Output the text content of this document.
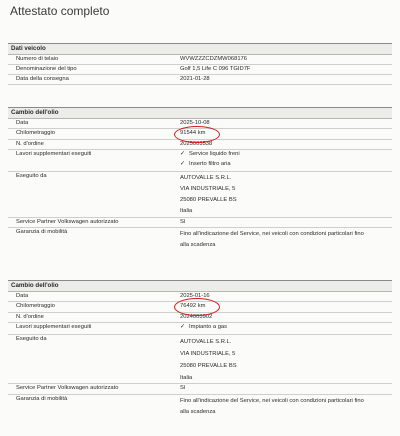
Attestato completo
Dati veicolo
Numero di telaio	WVWZZZCDZMW068176
Denominazione del tipo	Golf 1,5 Life C 096 TGID7F
Data della consegna	2021-01-28
Cambio dell'olio
Data	2025-10-08
Chilometraggio	91544 km
N. d'ordine	2025003538
Lavori supplementari eseguiti	✓ Service liquido freni
✓ Inserto filtro aria
Eseguito da	AUTOVALLE S.R.L.
VIA INDUSTRIALE, 5
25080 PREVALLE BS
Italia
Service Partner Volkswagen autorizzato	Sì
Garanzia di mobilità	Fino all'indicazione del Service, nei veicoli con condizioni particolari fino
alla scadenza
Cambio dell'olio
Data	2025-01-16
Chilometraggio	76492 km
N. d'ordine	2024003902
Lavori supplementari eseguiti	✓ Impianto a gas
Eseguito da	AUTOVALLE S.R.L.
VIA INDUSTRIALE, 5
25080 PREVALLE BS
Italia
Service Partner Volkswagen autorizzato	Sì
Garanzia di mobilità	Fino all'indicazione del Service, nei veicoli con condizioni particolari fino
alla scadenza
